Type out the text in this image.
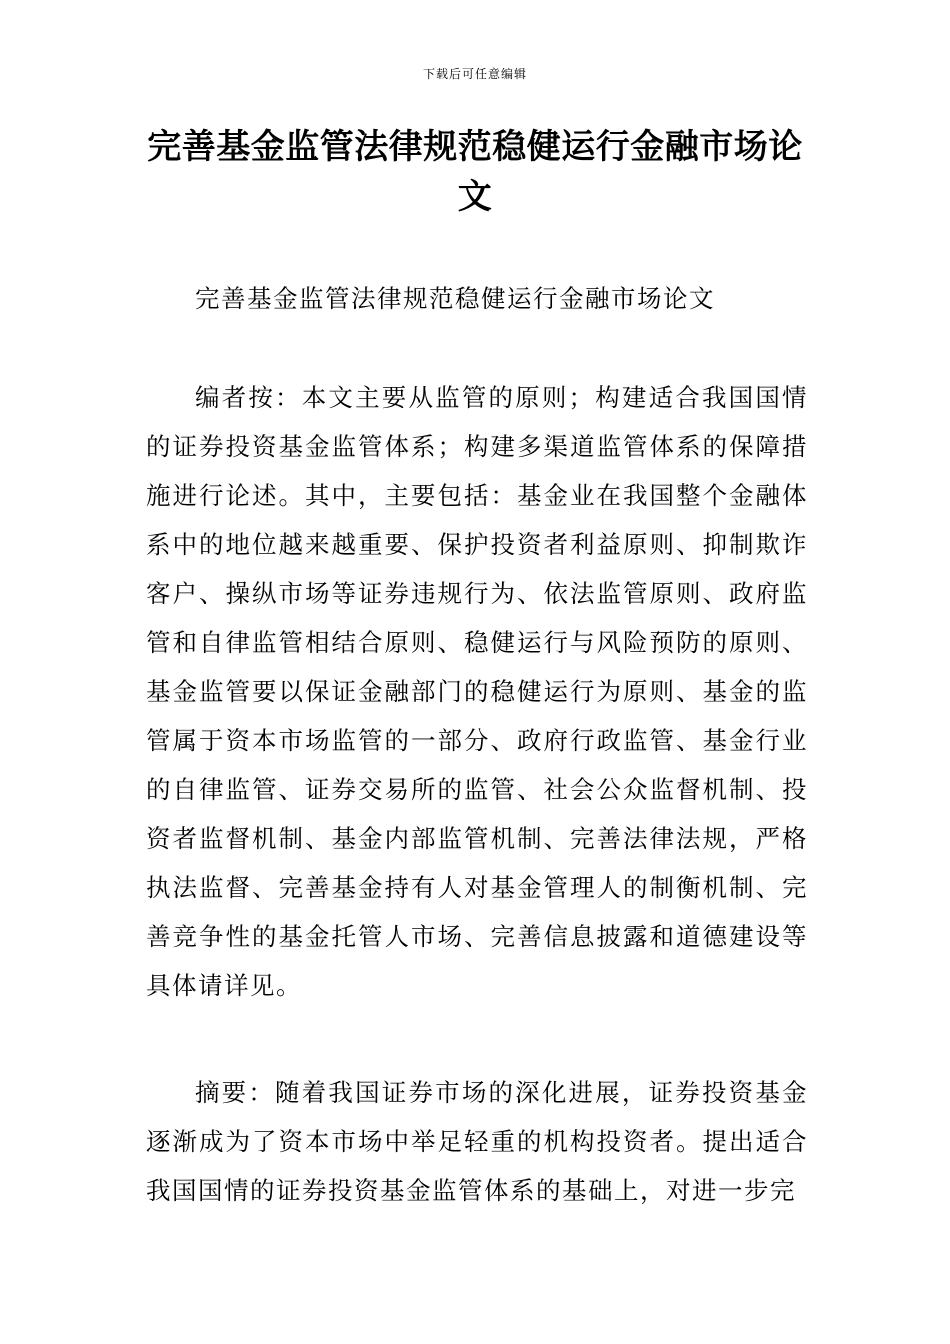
下载后可任意编辑
完善基金监管法律规范稳健运行金融市场论文

完善基金监管法律规范稳健运行金融市场论文

编者按：本文主要从监管的原则；构建适合我国国情的证券投资基金监管体系；构建多渠道监管体系的保障措施进行论述。其中，主要包括：基金业在我国整个金融体系中的地位越来越重要、保护投资者利益原则、抑制欺诈客户、操纵市场等证券违规行为、依法监管原则、政府监管和自律监管相结合原则、稳健运行与风险预防的原则、基金监管要以保证金融部门的稳健运行为原则、基金的监管属于资本市场监管的一部分、政府行政监管、基金行业的自律监管、证券交易所的监管、社会公众监督机制、投资者监督机制、基金内部监管机制、完善法律法规，严格执法监督、完善基金持有人对基金管理人的制衡机制、完善竞争性的基金托管人市场、完善信息披露和道德建设等具体请详见。

摘要：随着我国证券市场的深化进展，证券投资基金逐渐成为了资本市场中举足轻重的机构投资者。提出适合我国国情的证券投资基金监管体系的基础上，对进一步完
